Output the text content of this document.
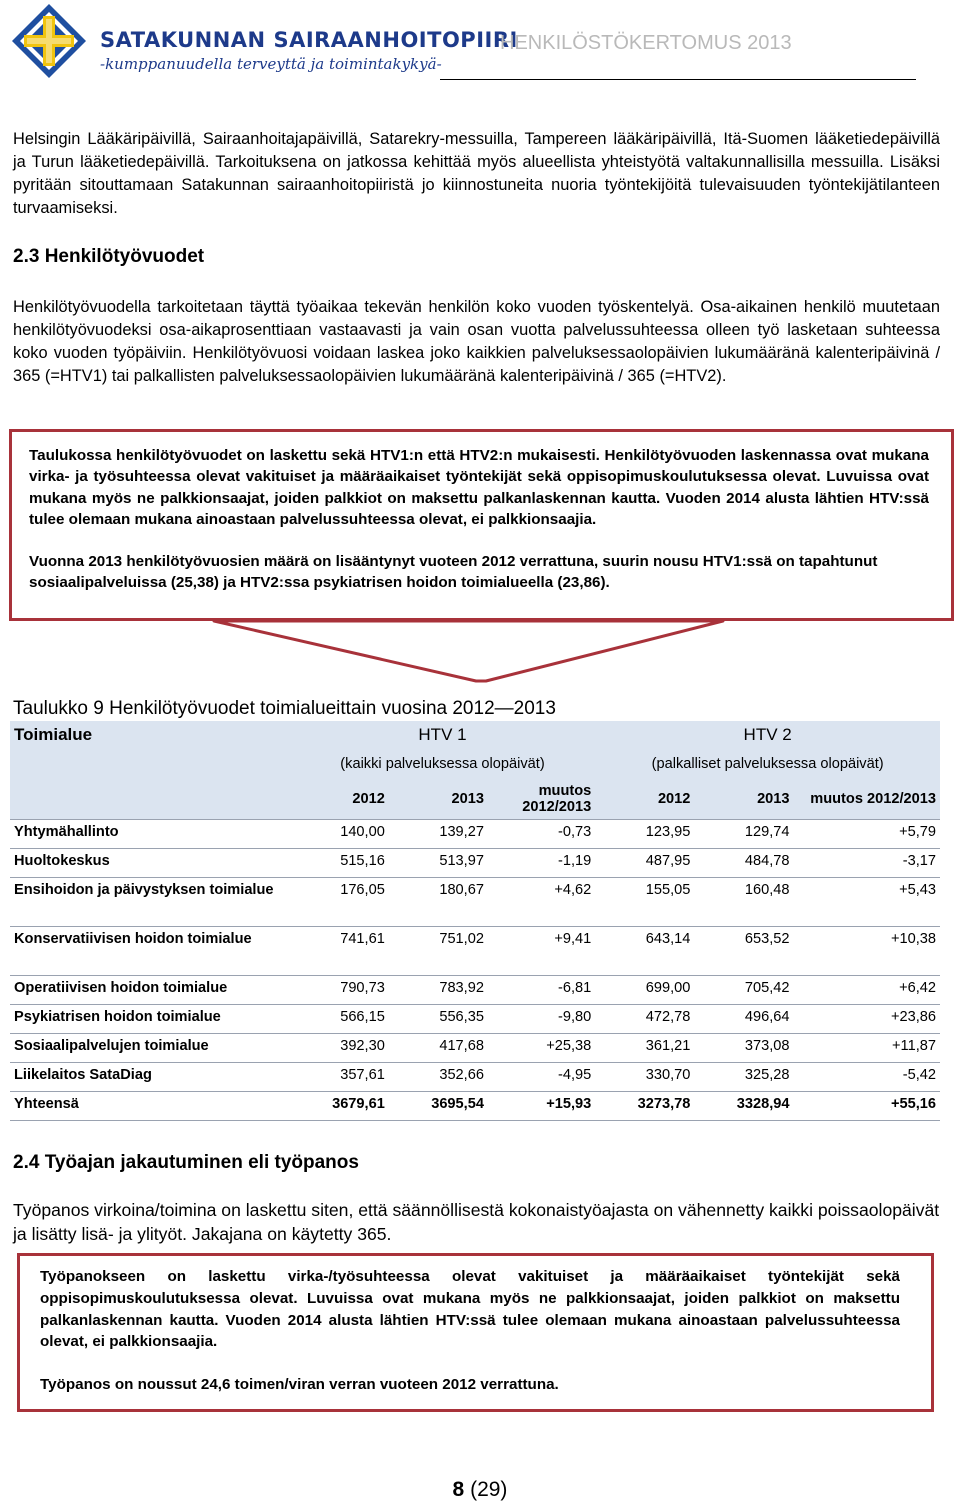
SATAKUNNAN SAIRAANHOITOPIIRI
-kumppanuudella terveyttä ja toimintakykyä-
HENKILÖSTÖKERTOMUS 2013
Helsingin Lääkäripäivillä, Sairaanhoitajapäivillä, Satarekry-messuilla, Tampereen lääkäripäivillä, Itä-Suomen lääketiedepäivillä ja Turun lääketiedepäivillä. Tarkoituksena on jatkossa kehittää myös alueellista yhteistyötä valtakunnallisilla messuilla. Lisäksi pyritään sitouttamaan Satakunnan sairaanhoitopiiristä jo kiinnostuneita nuoria työntekijöitä tulevaisuuden työntekijätilanteen turvaamiseksi.
2.3 Henkilötyövuodet
Henkilötyövuodella tarkoitetaan täyttä työaikaa tekevän henkilön koko vuoden työskentelyä. Osa-aikainen henkilö muutetaan henkilötyövuodeksi osa-aikaprosenttiaan vastaavasti ja vain osan vuotta palvelussuhteessa olleen työ lasketaan suhteessa koko vuoden työpäiviin. Henkilötyövuosi voidaan laskea joko kaikkien palveluksessaolopäivien lukumääränä kalenteripäivinä / 365 (=HTV1) tai palkallisten palveluksessaolopäivien lukumääränä kalenteripäivinä / 365 (=HTV2).
Taulukossa henkilötyövuodet on laskettu sekä HTV1:n että HTV2:n mukaisesti. Henkilötyövuoden laskennassa ovat mukana virka- ja työsuhteessa olevat vakituiset ja määräaikaiset työntekijät sekä oppisopimuskoulutuksessa olevat. Luvuissa ovat mukana myös ne palkkionsaajat, joiden palkkiot on maksettu palkanlaskennan kautta. Vuoden 2014 alusta lähtien HTV:ssä tulee olemaan mukana ainoastaan palvelussuhteessa olevat, ei palkkionsaajia.
Vuonna 2013 henkilötyövuosien määrä on lisääntynyt vuoteen 2012 verrattuna, suurin nousu HTV1:ssä on tapahtunut sosiaalipalveluissa (25,38) ja HTV2:ssa psykiatrisen hoidon toimialueella (23,86).
Taulukko 9 Henkilötyövuodet toimialueittain vuosina 2012—2013
Toimialue	HTV 1			HTV 2		
	(kaikki palveluksessa olopäivät)			(palkalliset palveluksessa olopäivät)		
	2012	2013	muutos 2012/2013	2012	2013	muutos 2012/2013
Yhtymähallinto	140,00	139,27	-0,73	123,95	129,74	+5,79
Huoltokeskus	515,16	513,97	-1,19	487,95	484,78	-3,17
Ensihoidon ja päivystyksen toimialue	176,05	180,67	+4,62	155,05	160,48	+5,43
Konservatiivisen hoidon toimialue	741,61	751,02	+9,41	643,14	653,52	+10,38
Operatiivisen hoidon toimialue	790,73	783,92	-6,81	699,00	705,42	+6,42
Psykiatrisen hoidon toimialue	566,15	556,35	-9,80	472,78	496,64	+23,86
Sosiaalipalvelujen toimialue	392,30	417,68	+25,38	361,21	373,08	+11,87
Liikelaitos SataDiag	357,61	352,66	-4,95	330,70	325,28	-5,42
Yhteensä	3679,61	3695,54	+15,93	3273,78	3328,94	+55,16
2.4 Työajan jakautuminen eli työpanos
Työpanos virkoina/toimina on laskettu siten, että säännöllisestä kokonaistyöajasta on vähennetty kaikki poissaolopäivät ja lisätty lisä- ja ylityöt. Jakajana on käytetty 365.
Työpanokseen on laskettu virka-/työsuhteessa olevat vakituiset ja määräaikaiset työntekijät sekä oppisopimuskoulutuksessa olevat. Luvuissa ovat mukana myös ne palkkionsaajat, joiden palkkiot on maksettu palkanlaskennan kautta. Vuoden 2014 alusta lähtien HTV:ssä tulee olemaan mukana ainoastaan palvelussuhteessa olevat, ei palkkionsaajia.
Työpanos on noussut 24,6 toimen/viran verran vuoteen 2012 verrattuna.
8 (29)
